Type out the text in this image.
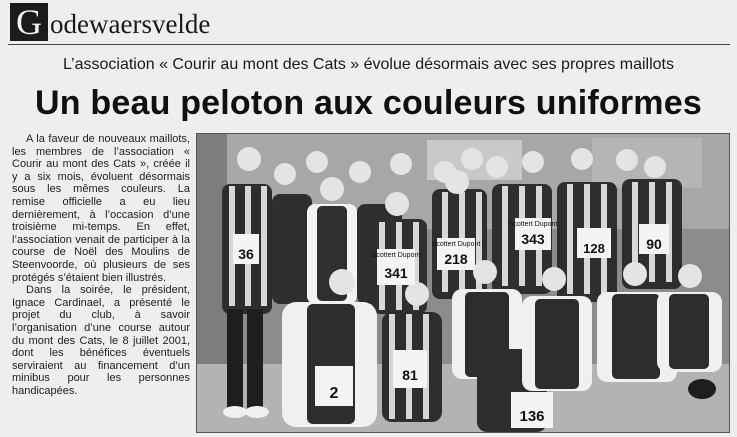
G odewaersvelde
L’association « Courir au mont des Cats » évolue désormais avec ses propres maillots
Un beau peloton aux couleurs uniformes

A la faveur de nouveaux maillots, les membres de l’association « Courir au mont des Cats », créée il y a six mois, évoluent désormais sous les mêmes couleurs. La remise officielle a eu lieu dernièrement, à l’occasion d’une troisième mi-temps. En effet, l’association venait de participer à la course de Noël des Moulins de Steenvoorde, où plusieurs de ses protégés s’étaient bien illustrés.

Dans la soirée, le président, Ignace Cardinael, a présenté le projet du club, à savoir l’organisation d’une course autour du mont des Cats, le 8 juillet 2001, dont les bénéfices éventuels serviraient au financement d’un minibus pour les personnes handicapées.

36
341
218
343
128	90
2
81
136
Scottert Dupont
Scottert Dupont
Scottert Dupont
